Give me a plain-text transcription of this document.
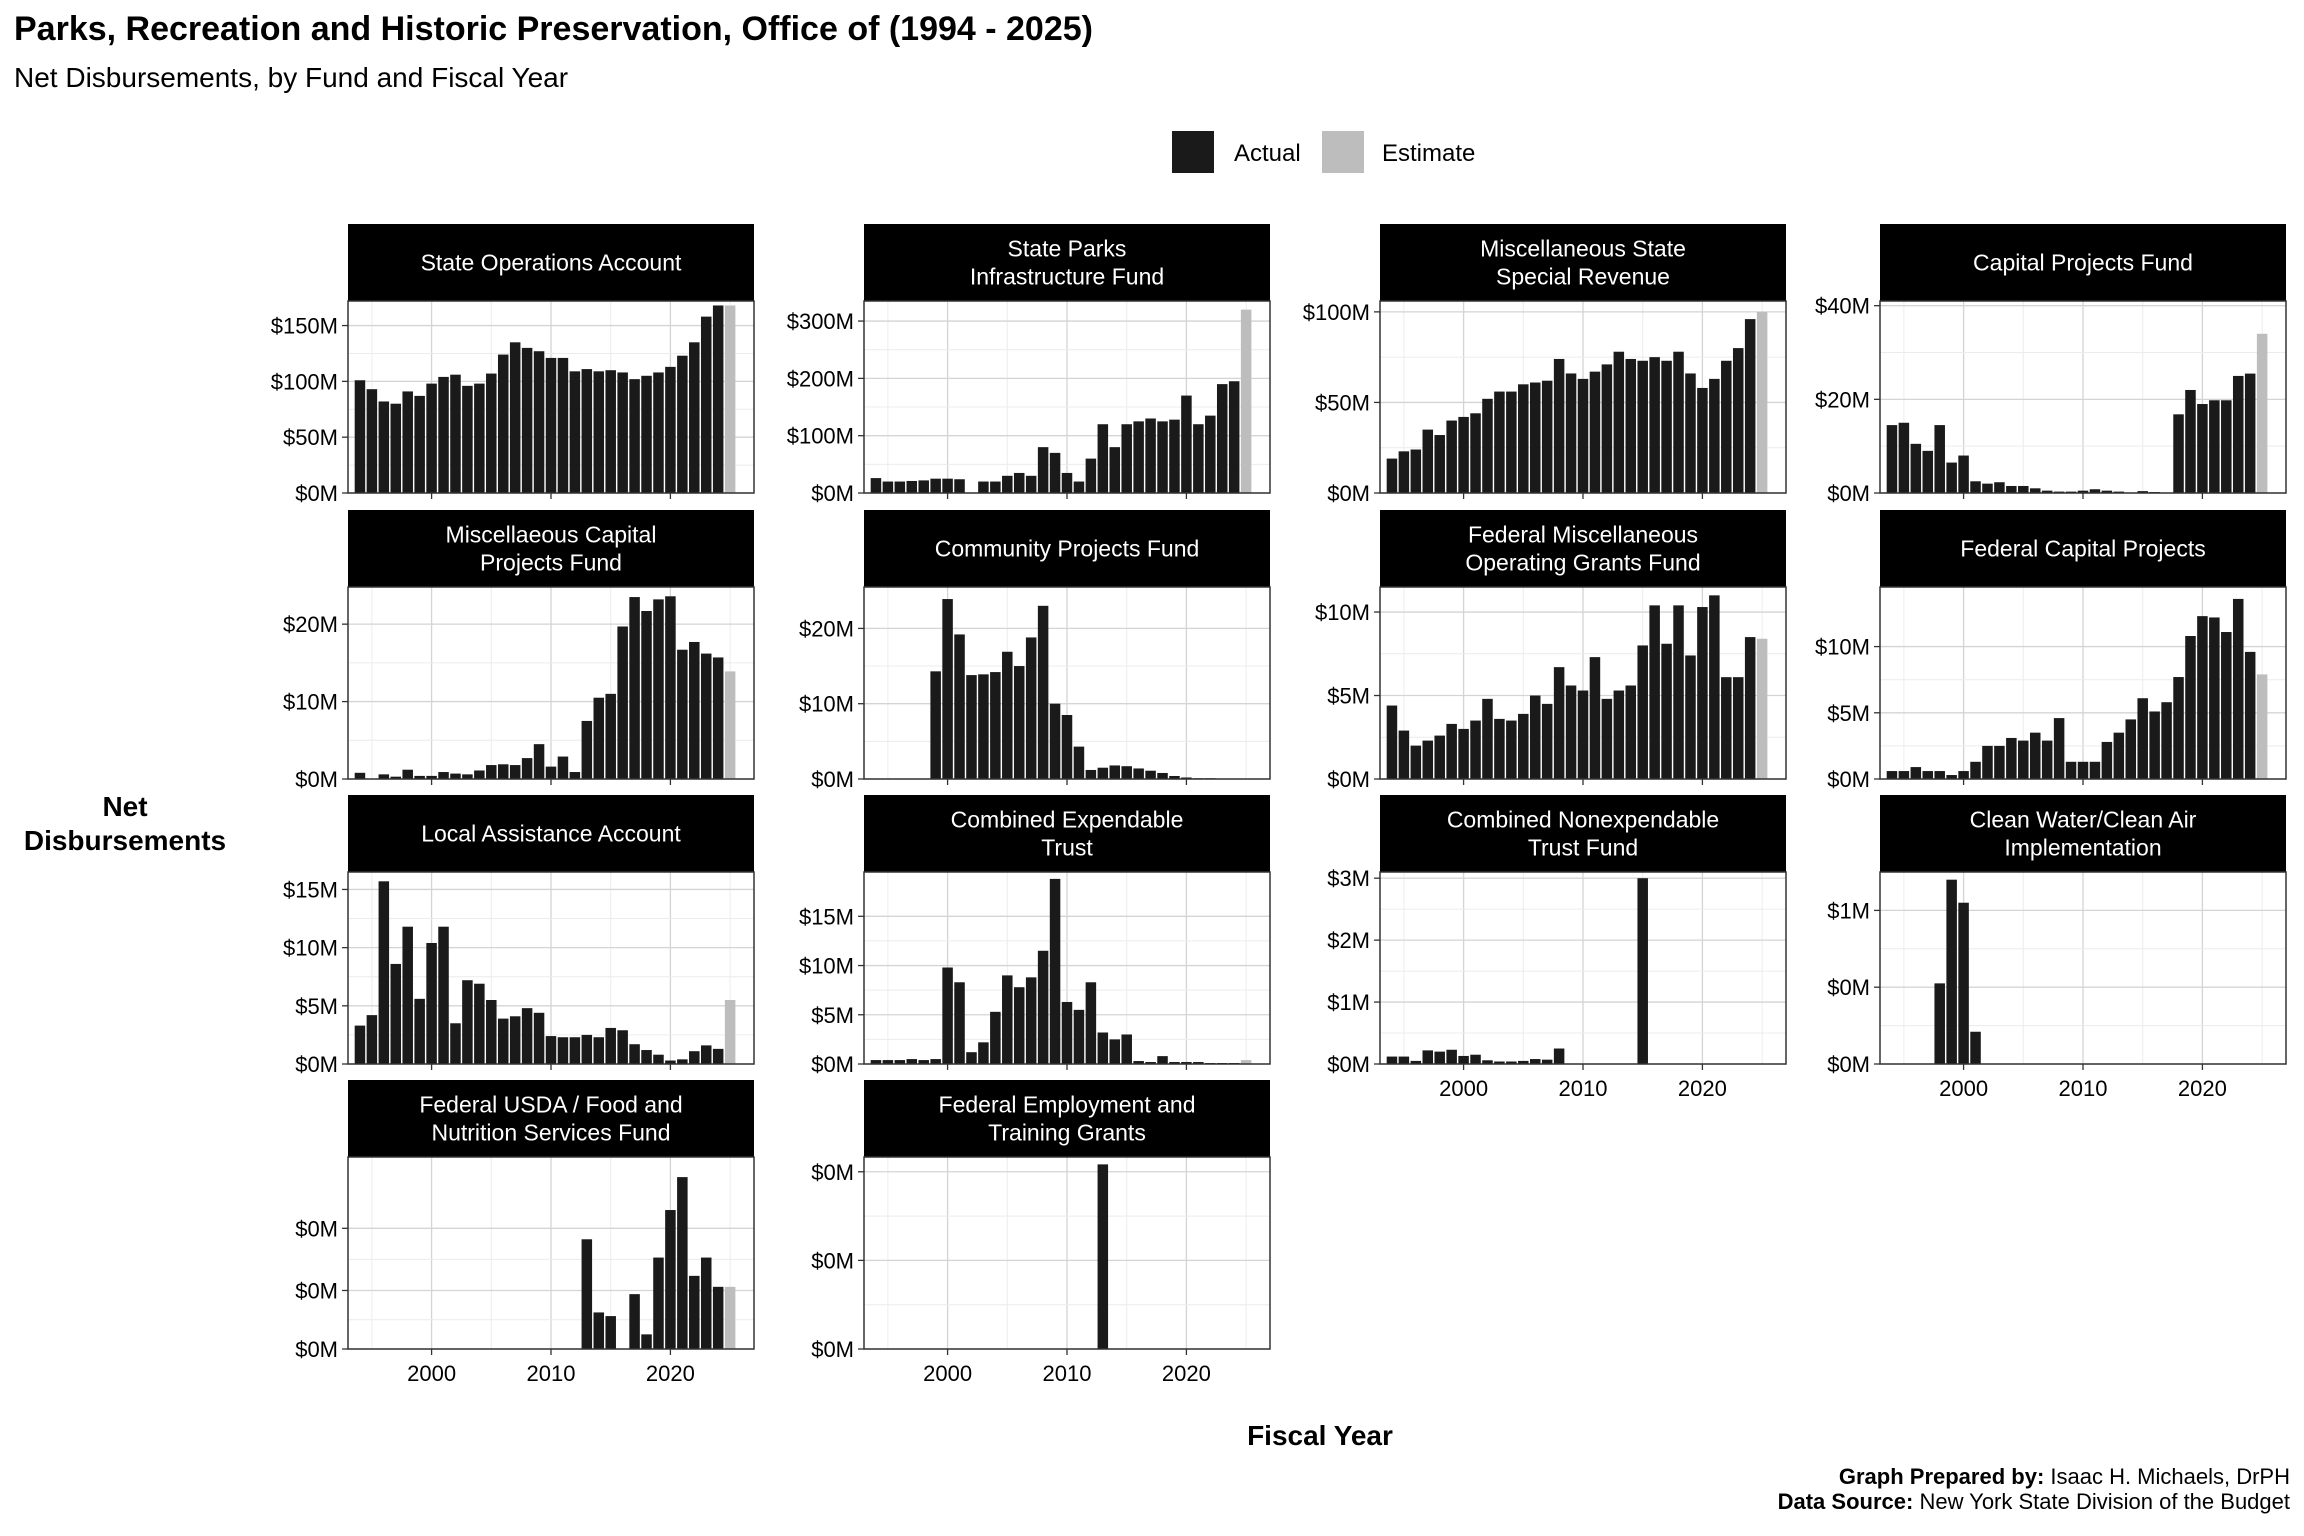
Parks, Recreation and Historic Preservation, Office of (1994 - 2025)
Net Disbursements, by Fund and Fiscal Year
Actual	Estimate
Net
Disbursements
Fiscal Year
Graph Prepared by: Isaac H. Michaels, DrPH
Data Source: New York State Division of the Budget
State Operations Account
$0M
$50M
$100M
$150M
State Parks
Infrastructure Fund
$0M
$100M
$200M
$300M
Miscellaneous State
Special Revenue
$0M
$50M
$100M
Capital Projects Fund
$0M
$20M
$40M
Miscellaeous Capital
Projects Fund
$0M
$10M
$20M
Community Projects Fund
$0M
$10M
$20M
Federal Miscellaneous
Operating Grants Fund
$0M
$5M
$10M
Federal Capital Projects
$0M
$5M
$10M
Local Assistance Account
$0M
$5M
$10M
$15M
Combined Expendable
Trust
$0M
$5M
$10M
$15M
Combined Nonexpendable
Trust Fund
$0M
$1M
$2M
$3M
2000	2010	2020
Clean Water/Clean Air
Implementation
$0M
$0M
$1M
2000	2010	2020
Federal USDA / Food and
Nutrition Services Fund
$0M
$0M
$0M
2000	2010	2020
Federal Employment and
Training Grants
$0M
$0M
$0M
2000	2010	2020
